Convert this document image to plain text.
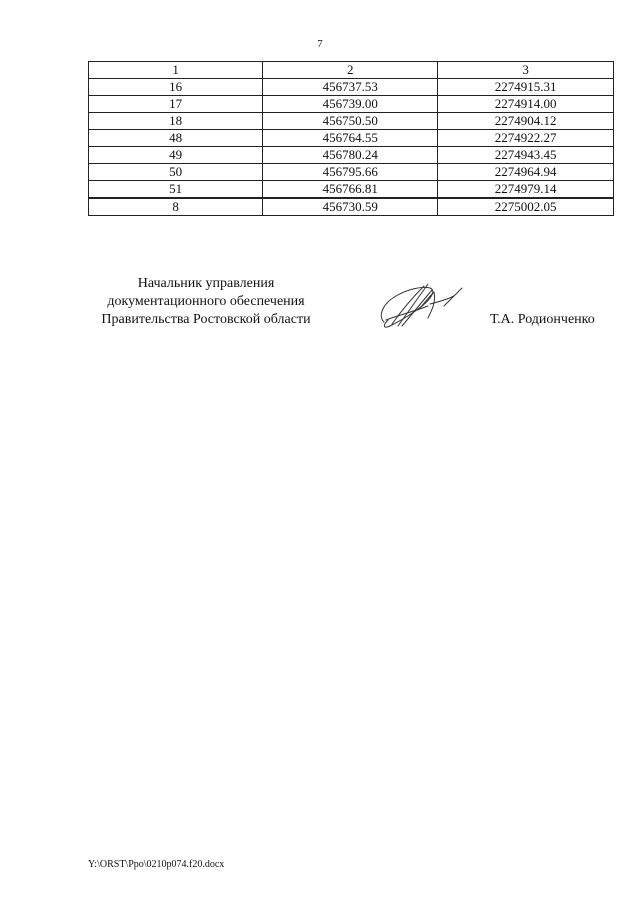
7
1	2	3
16	456737.53	2274915.31
17	456739.00	2274914.00
18	456750.50	2274904.12
48	456764.55	2274922.27
49	456780.24	2274943.45
50	456795.66	2274964.94
51	456766.81	2274979.14
8	456730.59	2275002.05
Начальник управления
документационного обеспечения
Правительства Ростовской области	Т.А. Родионченко
Y:\ORST\Ppo\0210p074.f20.docx
